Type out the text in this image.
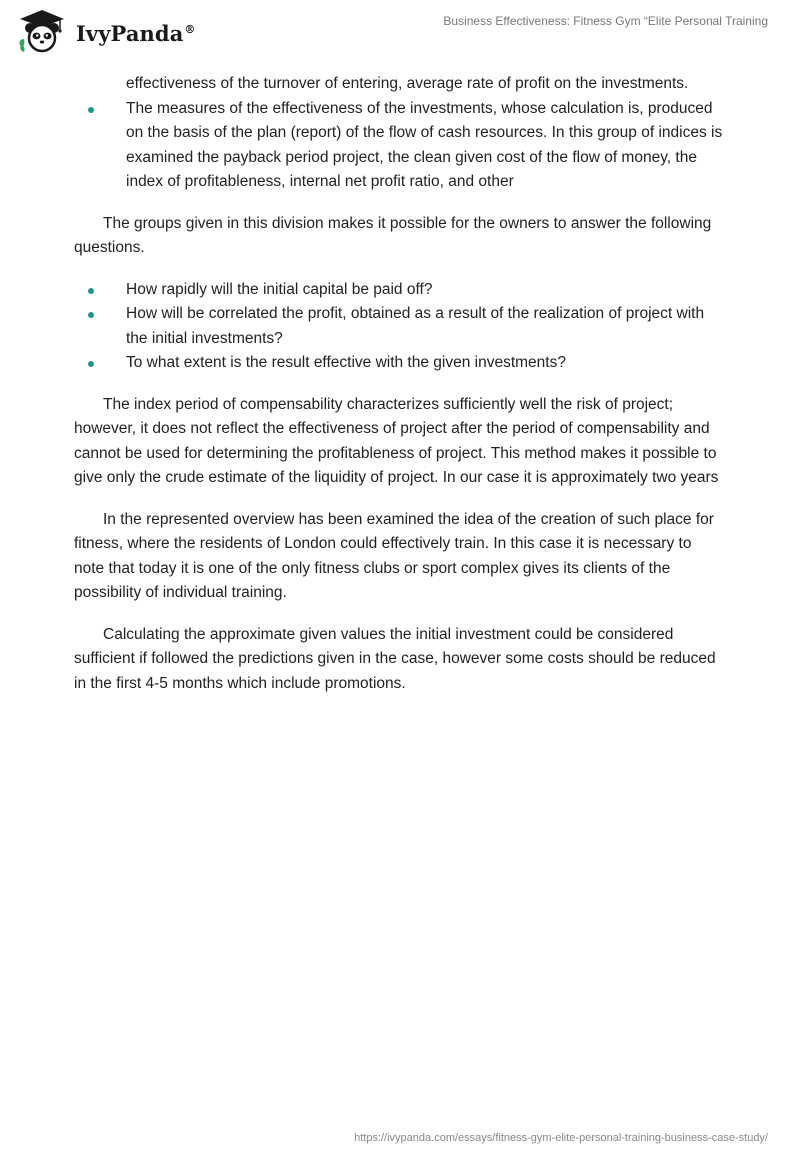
IvyPanda®
Business Effectiveness: Fitness Gym “Elite Personal Training
effectiveness of the turnover of entering, average rate of profit on the investments.
The measures of the effectiveness of the investments, whose calculation is, produced on the basis of the plan (report) of the flow of cash resources. In this group of indices is examined the payback period project, the clean given cost of the flow of money, the index of profitableness, internal net profit ratio, and other

The groups given in this division makes it possible for the owners to answer the following questions.

How rapidly will the initial capital be paid off?
How will be correlated the profit, obtained as a result of the realization of project with the initial investments?
To what extent is the result effective with the given investments?

The index period of compensability characterizes sufficiently well the risk of project; however, it does not reflect the effectiveness of project after the period of compensability and cannot be used for determining the profitableness of project. This method makes it possible to give only the crude estimate of the liquidity of project. In our case it is approximately two years

In the represented overview has been examined the idea of the creation of such place for fitness, where the residents of London could effectively train. In this case it is necessary to note that today it is one of the only fitness clubs or sport complex gives its clients of the possibility of individual training.

Calculating the approximate given values the initial investment could be considered sufficient if followed the predictions given in the case, however some costs should be reduced in the first 4-5 months which include promotions.

https://ivypanda.com/essays/fitness-gym-elite-personal-training-business-case-study/
